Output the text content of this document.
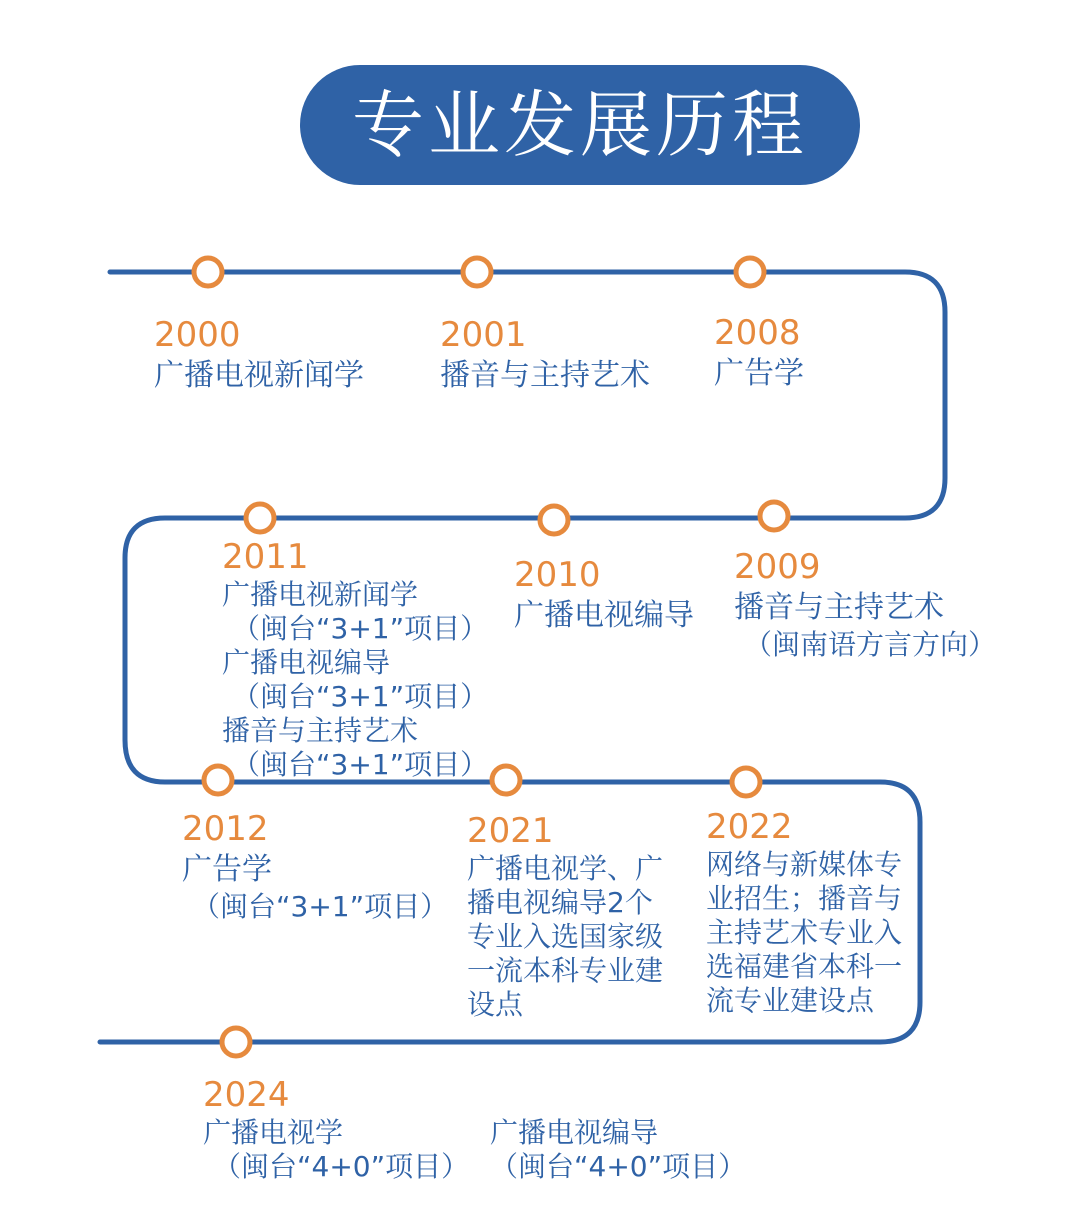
专业发展历程
2000
广播电视新闻学
2001
播音与主持艺术
2008
广告学
2009
播音与主持艺术
（闽南语方言方向）
2010
广播电视编导
2011
广播电视新闻学
（闽台“3+1”项目）
广播电视编导
（闽台“3+1”项目）
播音与主持艺术
（闽台“3+1”项目）
2012
广告学
（闽台“3+1”项目）
2021
广播电视学、广
播电视编导2个
专业入选国家级
一流本科专业建
设点
2022
网络与新媒体专
业招生；播音与
主持艺术专业入
选福建省本科一
流专业建设点
2024
广播电视学
（闽台“4+0”项目）
广播电视编导
（闽台“4+0”项目）
